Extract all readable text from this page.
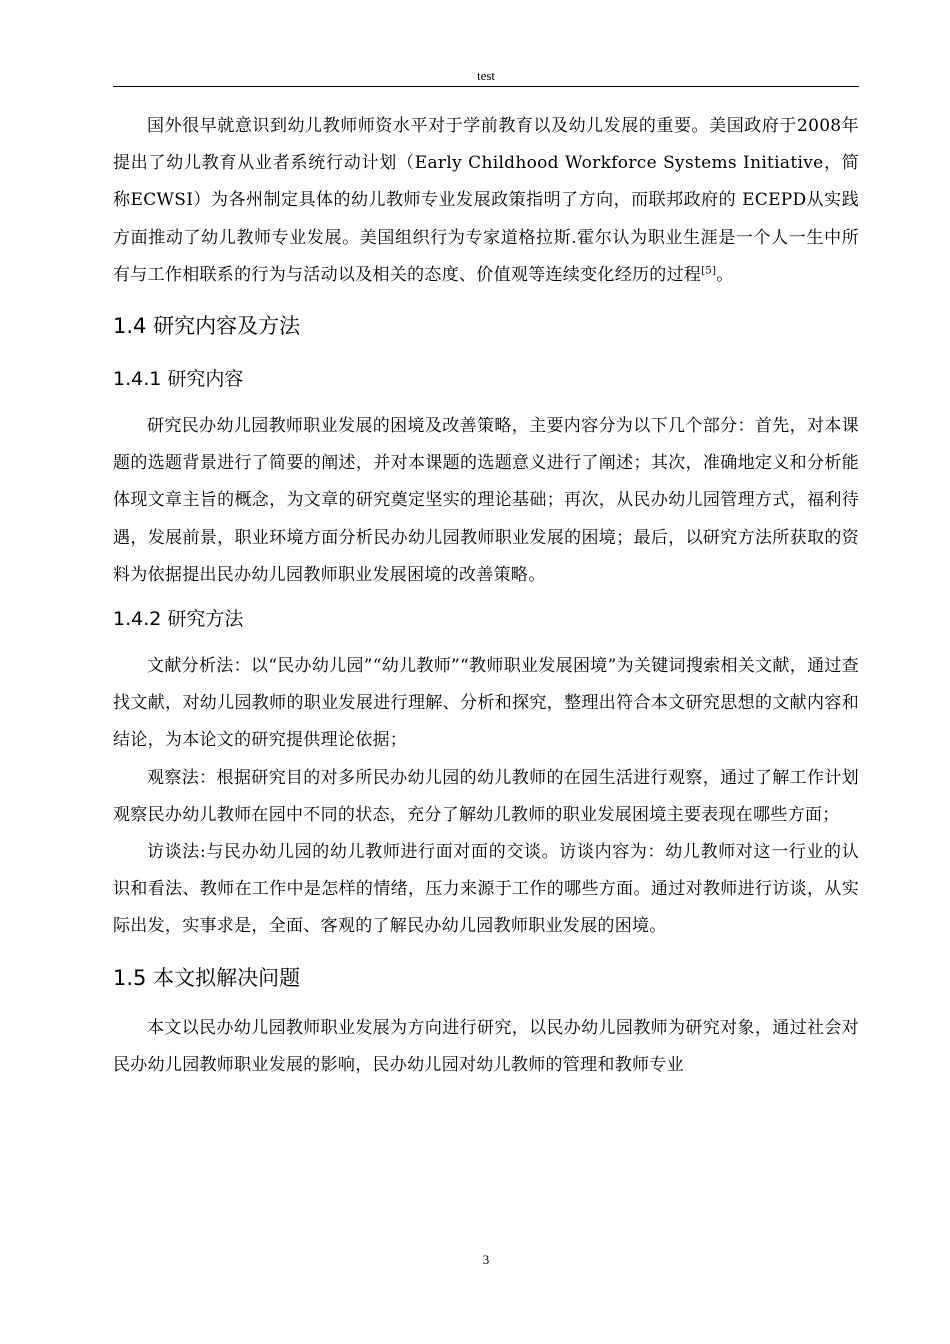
test

国外很早就意识到幼儿教师师资水平对于学前教育以及幼儿发展的重要。美国政府于2008年提出了幼儿教育从业者系统行动计划（Early Childhood Workforce Systems Initiative，简称ECWSI）为各州制定具体的幼儿教师专业发展政策指明了方向，而联邦政府的 ECEPD从实践方面推动了幼儿教师专业发展。美国组织行为专家道格拉斯.霍尔认为职业生涯是一个人一生中所有与工作相联系的行为与活动以及相关的态度、价值观等连续变化经历的过程[5]。

1.4 研究内容及方法
1.4.1 研究内容

研究民办幼儿园教师职业发展的困境及改善策略，主要内容分为以下几个部分：首先，对本课题的选题背景进行了简要的阐述，并对本课题的选题意义进行了阐述；其次，准确地定义和分析能体现文章主旨的概念，为文章的研究奠定坚实的理论基础；再次，从民办幼儿园管理方式，福利待遇，发展前景，职业环境方面分析民办幼儿园教师职业发展的困境；最后，以研究方法所获取的资料为依据提出民办幼儿园教师职业发展困境的改善策略。

1.4.2 研究方法

文献分析法：以“民办幼儿园”“幼儿教师”“教师职业发展困境”为关键词搜索相关文献，通过查找文献，对幼儿园教师的职业发展进行理解、分析和探究，整理出符合本文研究思想的文献内容和结论，为本论文的研究提供理论依据；

观察法：根据研究目的对多所民办幼儿园的幼儿教师的在园生活进行观察，通过了解工作计划观察民办幼儿教师在园中不同的状态，充分了解幼儿教师的职业发展困境主要表现在哪些方面；

访谈法:与民办幼儿园的幼儿教师进行面对面的交谈。访谈内容为：幼儿教师对这一行业的认识和看法、教师在工作中是怎样的情绪，压力来源于工作的哪些方面。通过对教师进行访谈，从实际出发，实事求是，全面、客观的了解民办幼儿园教师职业发展的困境。

1.5 本文拟解决问题

本文以民办幼儿园教师职业发展为方向进行研究，以民办幼儿园教师为研究对象，通过社会对民办幼儿园教师职业发展的影响，民办幼儿园对幼儿教师的管理和教师专业

3
